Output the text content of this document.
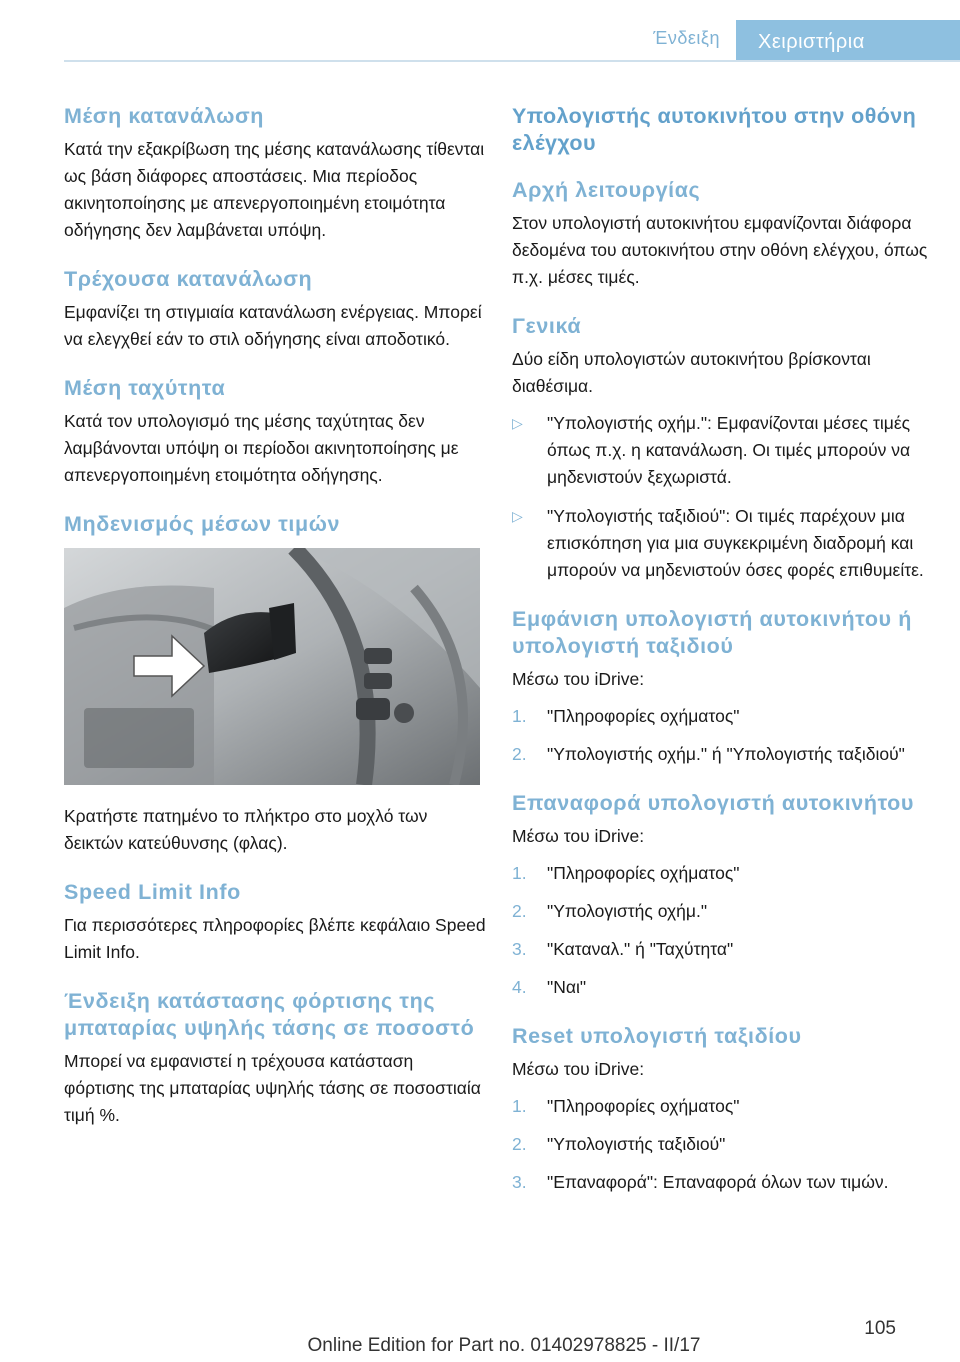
Ένδειξη	Χειριστήρια
Μέση κατανάλωση

Κατά την εξακρίβωση της μέσης κατανάλωσης τίθενται ως βάση διάφορες αποστάσεις. Μια περίοδος ακινητοποίησης με απενεργοποιημένη ετοιμότητα οδήγησης δεν λαμβάνεται υπόψη.

Τρέχουσα κατανάλωση

Εμφανίζει τη στιγμιαία κατανάλωση ενέργειας. Μπορεί να ελεγχθεί εάν το στιλ οδήγησης είναι αποδοτικό.

Μέση ταχύτητα

Κατά τον υπολογισμό της μέσης ταχύτητας δεν λαμβάνονται υπόψη οι περίοδοι ακινητοποίησης με απενεργοποιημένη ετοιμότητα οδήγησης.

Μηδενισμός μέσων τιμών

Κρατήστε πατημένο το πλήκτρο στο μοχλό των δεικτών κατεύθυνσης (φλας).

Speed Limit Info

Για περισσότερες πληροφορίες βλέπε κεφάλαιο Speed Limit Info.

Ένδειξη κατάστασης φόρτισης της μπαταρίας υψηλής τάσης σε ποσοστό

Μπορεί να εμφανιστεί η τρέχουσα κατάσταση φόρτισης της μπαταρίας υψηλής τάσης σε ποσοστιαία τιμή %.

Υπολογιστής αυτοκινήτου στην οθόνη ελέγχου
Αρχή λειτουργίας

Στον υπολογιστή αυτοκινήτου εμφανίζονται διάφορα δεδομένα του αυτοκινήτου στην οθόνη ελέγχου, όπως π.χ. μέσες τιμές.

Γενικά

Δύο είδη υπολογιστών αυτοκινήτου βρίσκονται διαθέσιμα.

▷ "Υπολογιστής οχήμ.": Εμφανίζονται μέσες τιμές όπως π.χ. η κατανάλωση. Οι τιμές μπορούν να μηδενιστούν ξεχωριστά.
▷ "Υπολογιστής ταξιδιού": Οι τιμές παρέχουν μια επισκόπηση για μια συγκεκριμένη διαδρομή και μπορούν να μηδενιστούν όσες φορές επιθυμείτε.
Εμφάνιση υπολογιστή αυτοκινήτου ή υπολογιστή ταξιδιού

Μέσω του iDrive:

1. "Πληροφορίες οχήματος"
2. "Υπολογιστής οχήμ." ή "Υπολογιστής ταξιδιού"
Επαναφορά υπολογιστή αυτοκινήτου

Μέσω του iDrive:

1. "Πληροφορίες οχήματος"
2. "Υπολογιστής οχήμ."
3. "Καταναλ." ή "Ταχύτητα"
4. "Ναι"
Reset υπολογιστή ταξιδίου

Μέσω του iDrive:

1. "Πληροφορίες οχήματος"
2. "Υπολογιστής ταξιδιού"
3. "Επαναφορά": Επαναφορά όλων των τιμών.
105
Online Edition for Part no. 01402978825 - II/17
